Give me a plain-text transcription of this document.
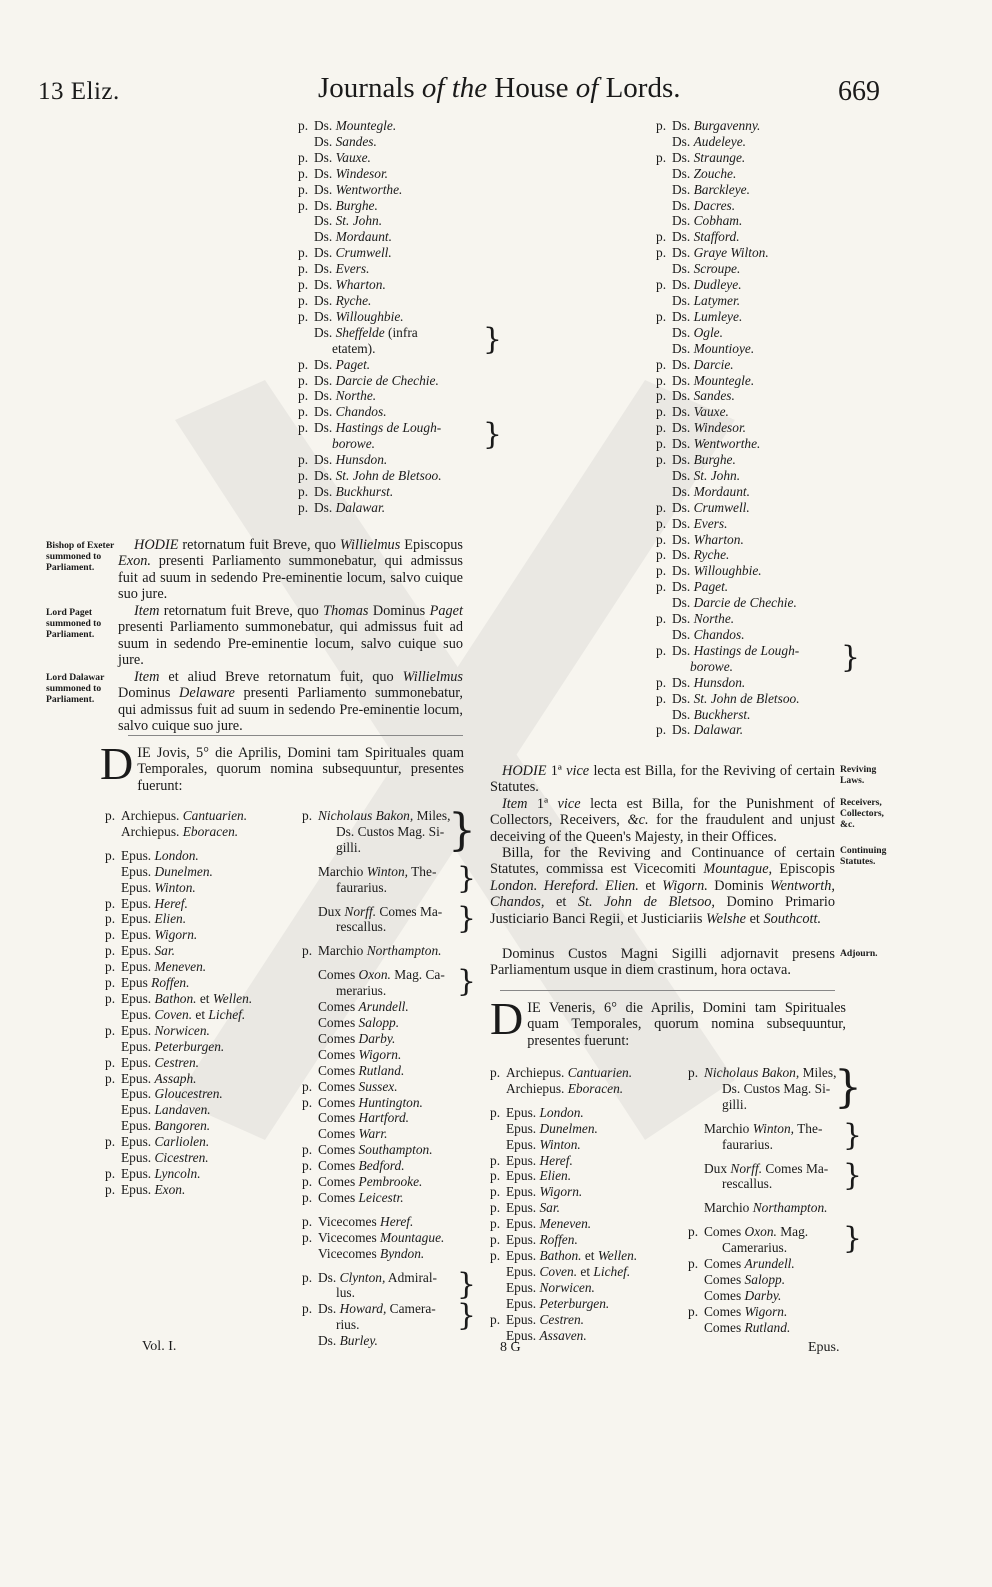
13 Eliz.	Journals of the House of Lords.	669
p. Ds. Mountegle.
Ds. Sandes.
p. Ds. Vauxe.
p. Ds. Windesor.
p. Ds. Wentworthe.
p. Ds. Burghe.
Ds. St. John.
Ds. Mordaunt.
p. Ds. Crumwell.
p. Ds. Evers.
p. Ds. Wharton.
p. Ds. Ryche.
p. Ds. Willoughbie.
Ds. Sheffelde (infra
etatem).	}
p. Ds. Paget.
p. Ds. Darcie de Chechie.
p. Ds. Northe.
p. Ds. Chandos.
p. Ds. Hastings de Lough-
borowe.	}
p. Ds. Hunsdon.
p. Ds. St. John de Bletsoo.
p. Ds. Buckhurst.
p. Ds. Dalawar.
p. Ds. Burgavenny.
Ds. Audeleye.
p. Ds. Straunge.
Ds. Zouche.
Ds. Barckleye.
Ds. Dacres.
Ds. Cobham.
p. Ds. Stafford.
p. Ds. Graye Wilton.
Ds. Scroupe.
p. Ds. Dudleye.
Ds. Latymer.
p. Ds. Lumleye.
Ds. Ogle.
Ds. Mountioye.
p. Ds. Darcie.
p. Ds. Mountegle.
p. Ds. Sandes.
p. Ds. Vauxe.
p. Ds. Windesor.
p. Ds. Wentworthe.
p. Ds. Burghe.
Ds. St. John.
Ds. Mordaunt.
p. Ds. Crumwell.
p. Ds. Evers.
p. Ds. Wharton.
p. Ds. Ryche.
p. Ds. Willoughbie.
p. Ds. Paget.
Ds. Darcie de Chechie.
p. Ds. Northe.
Ds. Chandos.
p. Ds. Hastings de Lough-
borowe.	}
p. Ds. Hunsdon.
p. Ds. St. John de Bletsoo.
Ds. Buckherst.
p. Ds. Dalawar.
Bishop of Exeter summoned to Parliament.
Lord Paget summoned to Parliament.
Lord Dalawar summoned to Parliament.
HODIE retornatum fuit Breve, quo Willielmus Episcopus Exon. presenti Parliamento summonebatur, qui admissus fuit ad suum in sedendo Pre-eminentie locum, salvo cuique suo jure.
Item retornatum fuit Breve, quo Thomas Dominus Paget presenti Parliamento summonebatur, qui admissus fuit ad suum in sedendo Pre-eminentie locum, salvo cuique suo jure.
Item et aliud Breve retornatum fuit, quo Willielmus Dominus Delaware presenti Parliamento summonebatur, qui admissus fuit ad suum in sedendo Pre-eminentie locum, salvo cuique suo jure.
DIE Jovis, 5° die Aprilis, Domini tam Spirituales quam Temporales, quorum nomina subsequuntur, presentes fuerunt:
p. Archiepus. Cantuarien.
Archiepus. Eboracen.
p. Epus. London.
Epus. Dunelmen.
Epus. Winton.
p. Epus. Heref.
p. Epus. Elien.
p. Epus. Wigorn.
p. Epus. Sar.
p. Epus. Meneven.
p. Epus Roffen.
p. Epus. Bathon. et Wellen.
Epus. Coven. et Lichef.
p. Epus. Norwicen.
Epus. Peterburgen.
p. Epus. Cestren.
p. Epus. Assaph.
Epus. Gloucestren.
Epus. Landaven.
Epus. Bangoren.
p. Epus. Carliolen.
Epus. Cicestren.
p. Epus. Lyncoln.
p. Epus. Exon.
p. Nicholaus Bakon, Miles,
Ds. Custos Mag. Si-
gilli.	}
Marchio Winton, The-
faurarius.	}
Dux Norff. Comes Ma-
rescallus.	}
p. Marchio Northampton.
Comes Oxon. Mag. Ca-
merarius.	}
Comes Arundell.
Comes Salopp.
Comes Darby.
Comes Wigorn.
Comes Rutland.
p. Comes Sussex.
p. Comes Huntington.
Comes Hartford.
Comes Warr.
p. Comes Southampton.
p. Comes Bedford.
p. Comes Pembrooke.
p. Comes Leicestr.
p. Vicecomes Heref.
p. Vicecomes Mountague.
Vicecomes Byndon.
p. Ds. Clynton, Admiral-
lus.	}
p. Ds. Howard, Camera-
rius.	}
Ds. Burley.
HODIE 1ª vice lecta est Billa, for the Reviving of certain Statutes.
Item 1ª vice lecta est Billa, for the Punishment of Collectors, Receivers, &c. for the fraudulent and unjust deceiving of the Queen's Majesty, in their Offices.
Billa, for the Reviving and Continuance of certain Statutes, commissa est Vicecomiti Mountague, Episcopis London. Hereford. Elien. et Wigorn. Dominis Wentworth, Chandos, et St. John de Bletsoo, Domino Primario Justiciario Banci Regii, et Justiciariis Welshe et Southcott.
Dominus Custos Magni Sigilli adjornavit presens Parliamentum usque in diem crastinum, hora octava.
Reviving Laws.
Receivers, Collectors, &c.
Continuing Statutes.
Adjourn.
DIE Veneris, 6° die Aprilis, Domini tam Spirituales quam Temporales, quorum nomina subsequuntur, presentes fuerunt:
p. Archiepus. Cantuarien.
Archiepus. Eboracen.
p. Epus. London.
Epus. Dunelmen.
Epus. Winton.
p. Epus. Heref.
p. Epus. Elien.
p. Epus. Wigorn.
p. Epus. Sar.
p. Epus. Meneven.
p. Epus. Roffen.
p. Epus. Bathon. et Wellen.
Epus. Coven. et Lichef.
Epus. Norwicen.
Epus. Peterburgen.
p. Epus. Cestren.
Epus. Assaven.
p. Nicholaus Bakon, Miles,
Ds. Custos Mag. Si-
gilli.	}
Marchio Winton, The-
faurarius.	}
Dux Norff. Comes Ma-
rescallus.	}
Marchio Northampton.
p. Comes Oxon. Mag.
Camerarius.	}
p. Comes Arundell.
Comes Salopp.
Comes Darby.
p. Comes Wigorn.
Comes Rutland.
Vol. I.	8 G	Epus.
